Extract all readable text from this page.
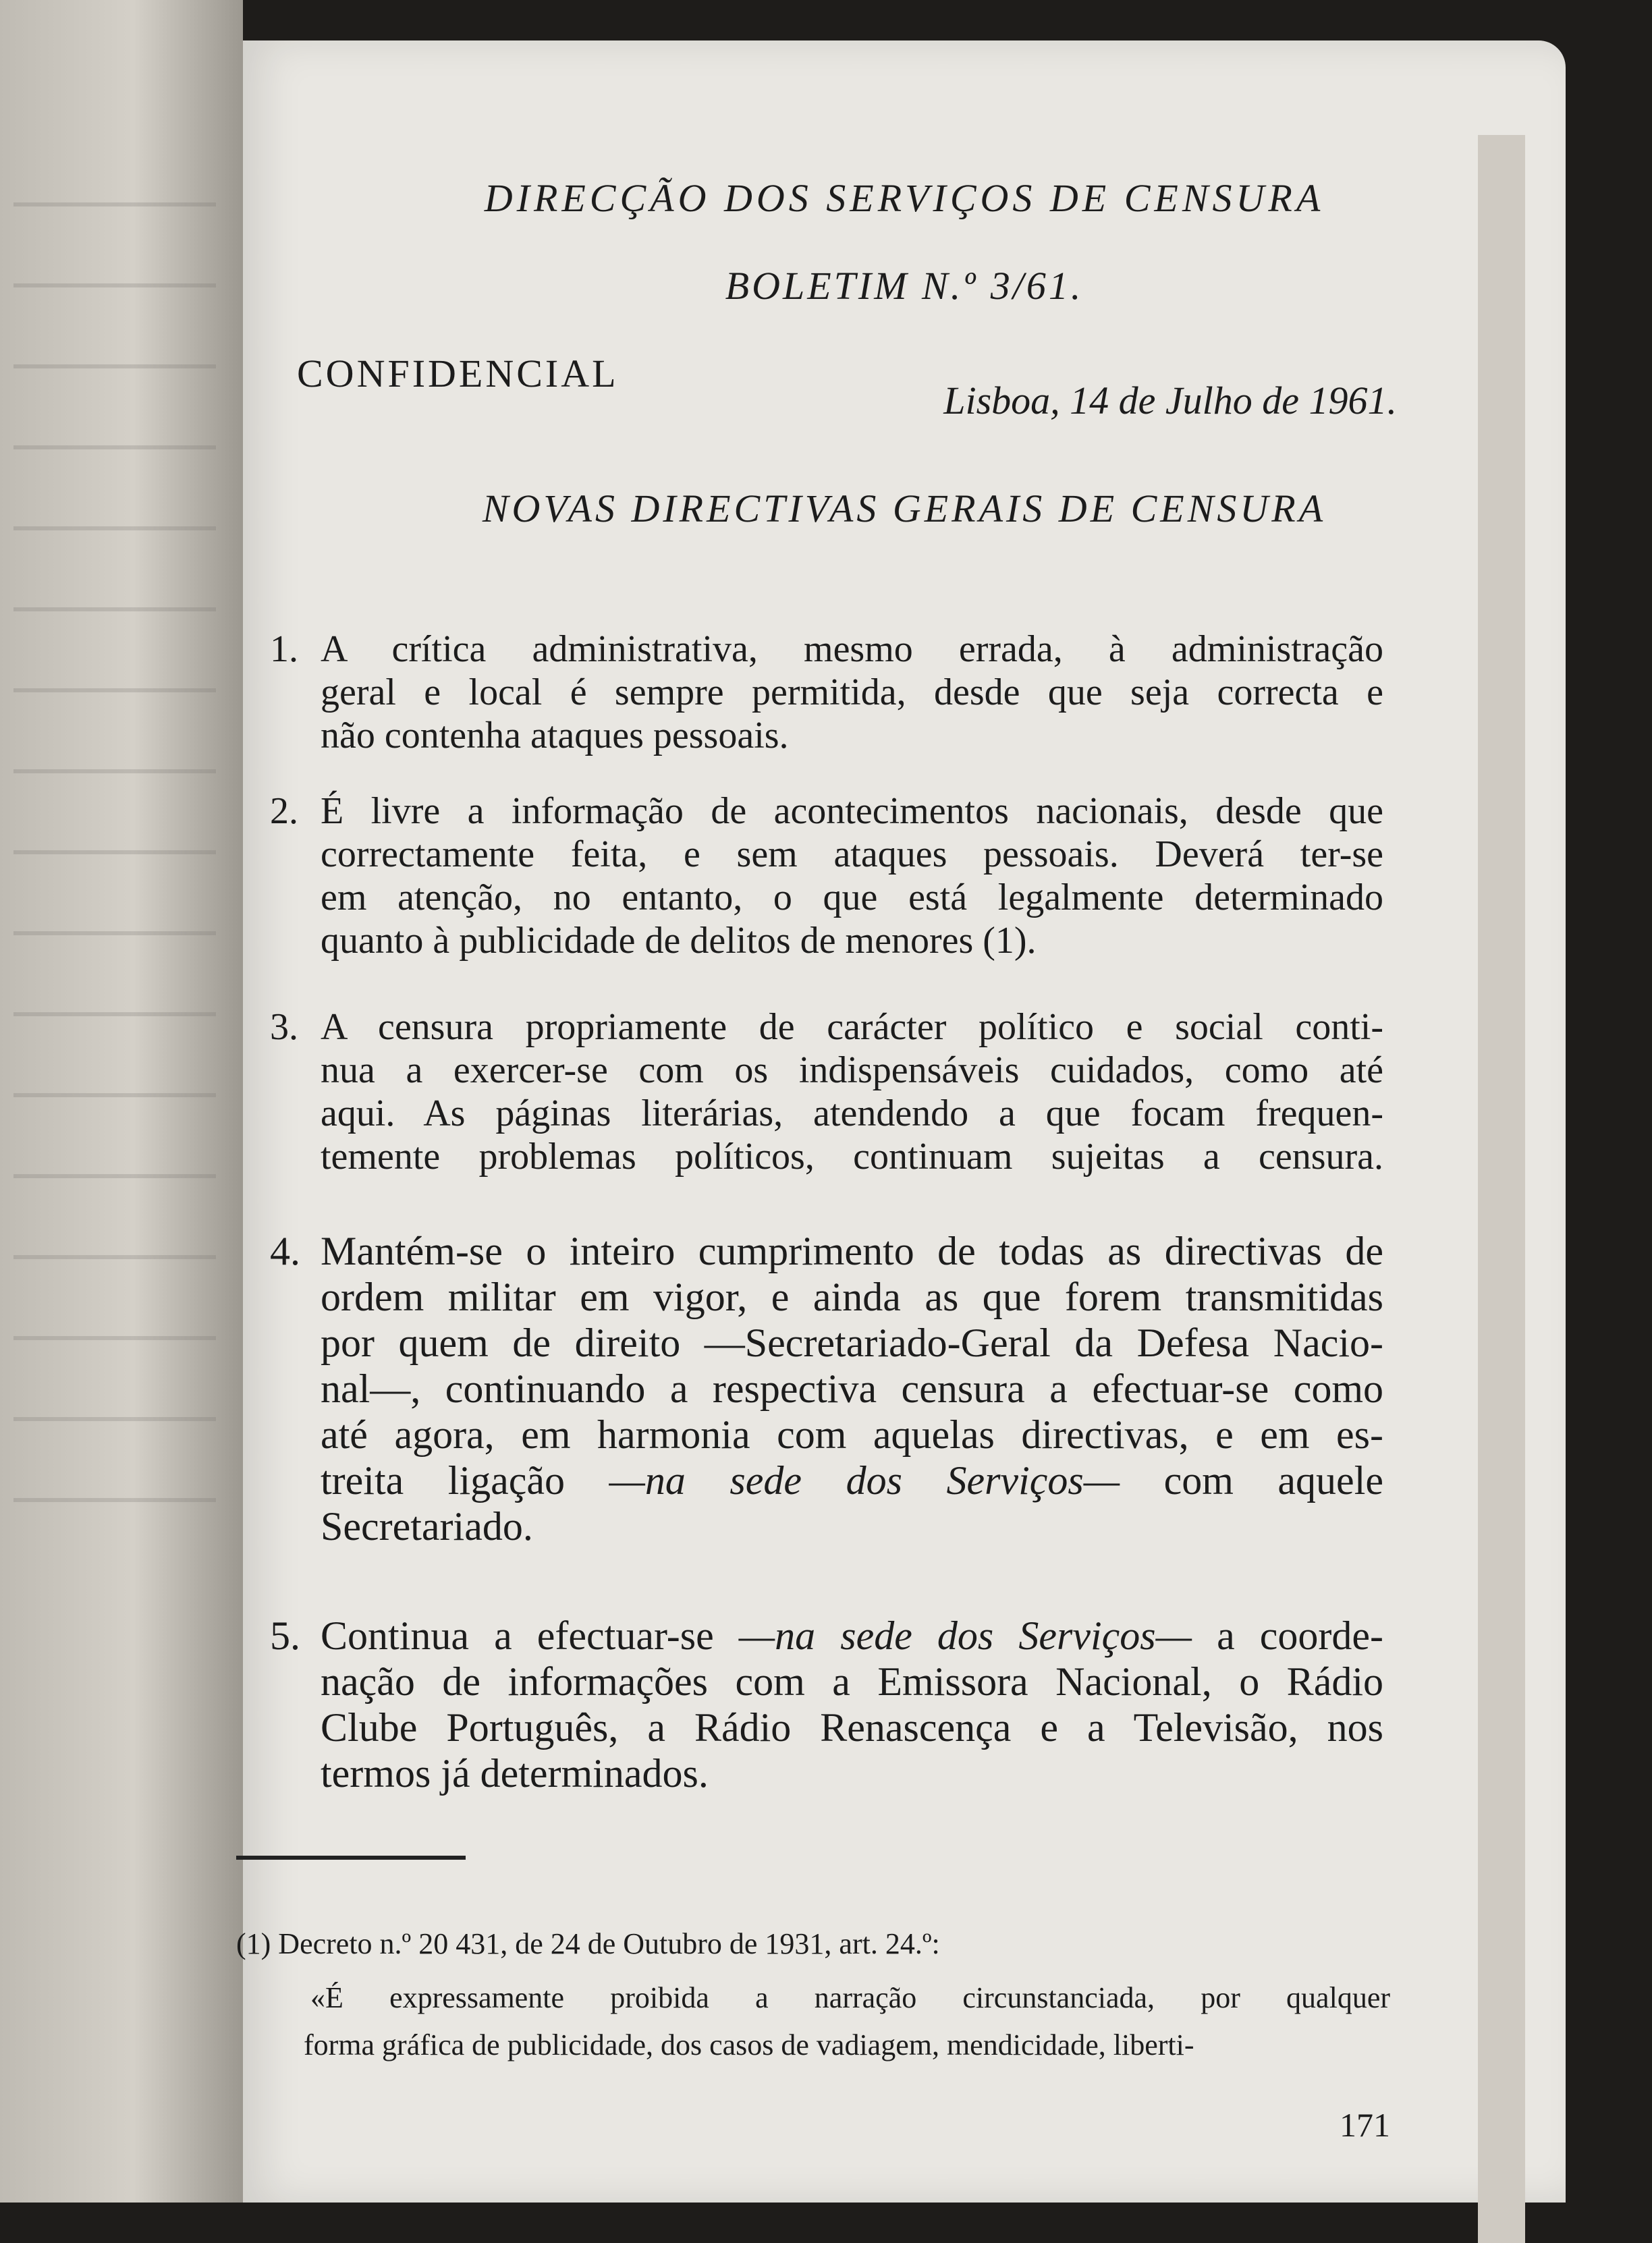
DIRECÇÃO DOS SERVIÇOS DE CENSURA
BOLETIM N.º 3/61.
CONFIDENCIAL
Lisboa, 14 de Julho de 1961.
NOVAS DIRECTIVAS GERAIS DE CENSURA
1. A crítica administrativa, mesmo errada, à administração
geral e local é sempre permitida, desde que seja correcta e
não contenha ataques pessoais.
2. É livre a informação de acontecimentos nacionais, desde que
correctamente feita, e sem ataques pessoais. Deverá ter-se
em atenção, no entanto, o que está legalmente determinado
quanto à publicidade de delitos de menores (1).
3. A censura propriamente de carácter político e social conti-
nua a exercer-se com os indispensáveis cuidados, como até
aqui. As páginas literárias, atendendo a que focam frequen-
temente problemas políticos, continuam sujeitas a censura.
4. Mantém-se o inteiro cumprimento de todas as directivas de
ordem militar em vigor, e ainda as que forem transmitidas
por quem de direito —Secretariado-Geral da Defesa Nacio-
nal—, continuando a respectiva censura a efectuar-se como
até agora, em harmonia com aquelas directivas, e em es-
treita ligação —na sede dos Serviços— com aquele
Secretariado.
5. Continua a efectuar-se —na sede dos Serviços— a coorde-
nação de informações com a Emissora Nacional, o Rádio
Clube Português, a Rádio Renascença e a Televisão, nos
termos já determinados.
(1) Decreto n.º 20 431, de 24 de Outubro de 1931, art. 24.º:
«É expressamente proibida a narração circunstanciada, por qualquer
forma gráfica de publicidade, dos casos de vadiagem, mendicidade, liberti-
171
